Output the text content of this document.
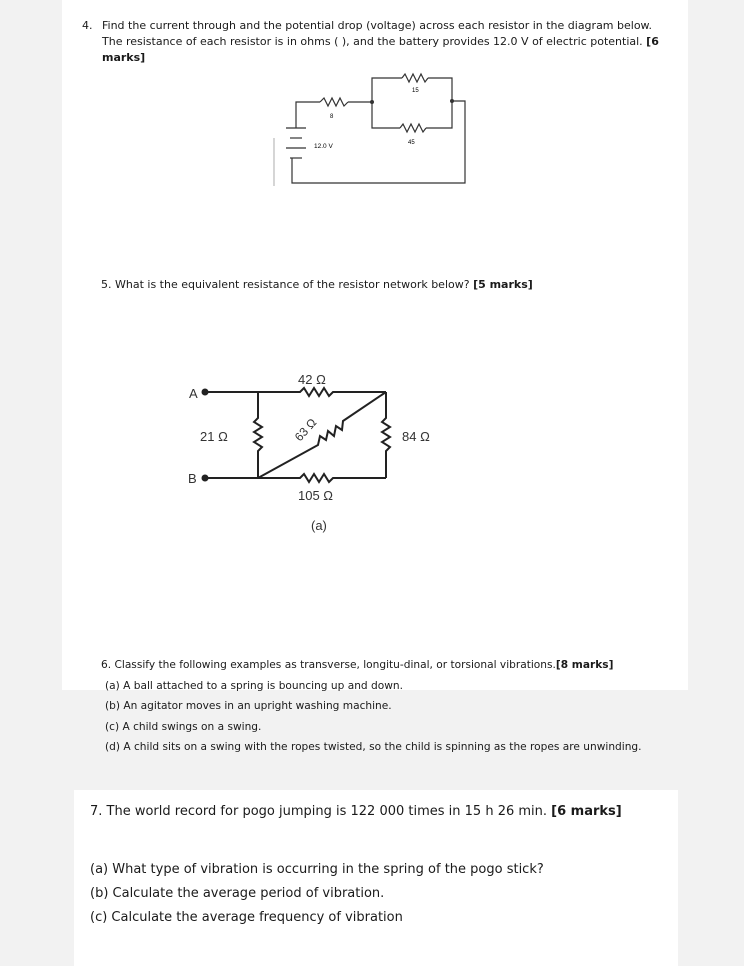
4. Find the current through and the potential drop (voltage) across each resistor in the diagram below. The resistance of each resistor is in ohms ( ), and the battery provides 12.0 V of electric potential. [6 marks]
15
8
45
12.0 V
5. What is the equivalent resistance of the resistor network below? [5 marks]
A
B
42 Ω
21 Ω	84 Ω
105 Ω
63 Ω
(a)
6. Classify the following examples as transverse, longitu-dinal, or torsional vibrations.[8 marks]
(a) A ball attached to a spring is bouncing up and down.
(b) An agitator moves in an upright washing machine.
(c) A child swings on a swing.
(d) A child sits on a swing with the ropes twisted, so the child is spinning as the ropes are unwinding.
7. The world record for pogo jumping is 122 000 times in 15 h 26 min. [6 marks]
(a) What type of vibration is occurring in the spring of the pogo stick?
(b) Calculate the average period of vibration.
(c) Calculate the average frequency of vibration
